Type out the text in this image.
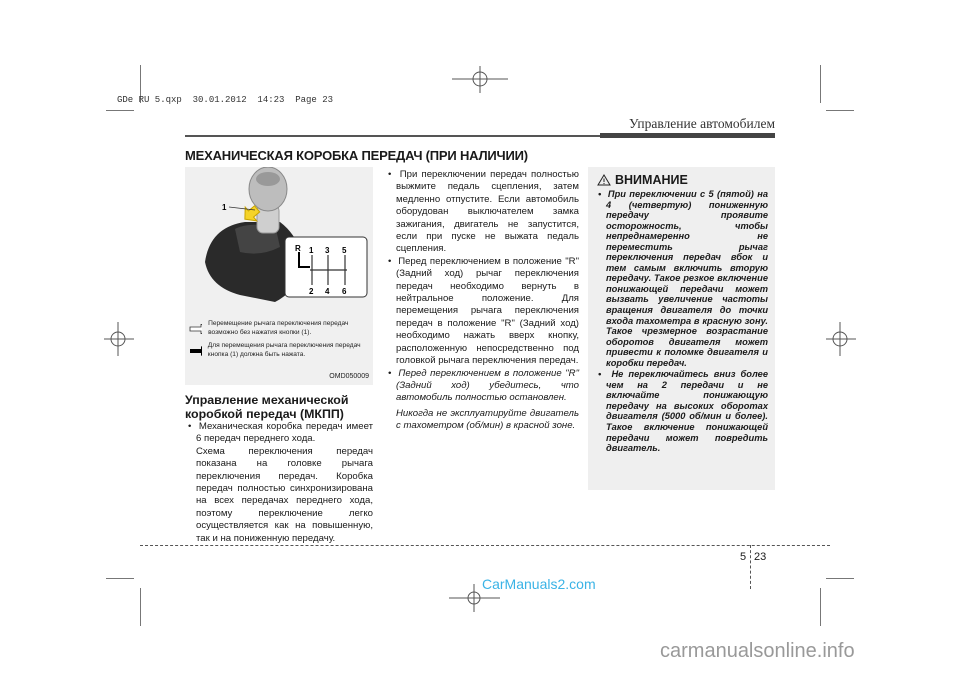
GDe RU 5.qxp  30.01.2012  14:23  Page 23
Управление автомобилем
МЕХАНИЧЕСКАЯ КОРОБКА ПЕРЕДАЧ (ПРИ НАЛИЧИИ)
1
R 1 3 5
2 4 6
Перемещение рычага переключения передач возможно без нажатия кнопки (1).
Для перемещения рычага переключения передач кнопка (1) должна быть нажата.
OMD050009

Управление механической коробкой передач (МКПП)

•  Механическая коробка передач имеет 6 передач переднего хода.

Схема переключения передач показана на головке рычага переключения передач. Коробка передач полностью синхронизирована на всех передачах переднего хода, поэтому переключение легко осуществляется как на повышенную, так и на пониженную передачу.

•  При переключении передач полностью выжмите педаль сцепления, затем медленно отпустите. Если автомобиль оборудован выключателем замка зажигания, двигатель не запустится, если при пуске не выжата педаль сцепления.

•  Перед переключением в положение "R" (Задний ход) рычаг переключения передач необходимо вернуть в нейтральное положение. Для перемещения рычага переключения передач в положение "R" (Задний ход) необходимо нажать вверх кнопку, расположенную непосредственно под головкой рычага переключения передач.

•  Перед переключением в положение "R" (Задний ход) убедитесь, что автомобиль полностью остановлен.

Никогда не эксплуатируйте двигатель с тахометром (об/мин) в красной зоне.

ВНИМАНИЕ

•  При переключении с 5 (пятой) на 4 (четвертую) пониженную передачу проявите осторожность, чтобы непреднамеренно не переместить рычаг переключения передач вбок и тем самым включить вторую передачу. Такое резкое включение понижающей передачи может вызвать увеличение частоты вращения двигателя до точки входа тахометра в красную зону. Такое чрезмерное возрастание оборотов двигателя может привести к поломке двигателя и коробки передач.

•  Не переключайтесь вниз более чем на 2 передачи и не включайте понижающую передачу на высоких оборотах двигателя (5000 об/мин и более). Такое включение понижающей передачи может повредить двигатель.

5 23
CarManuals2.com
carmanualsonline.info
